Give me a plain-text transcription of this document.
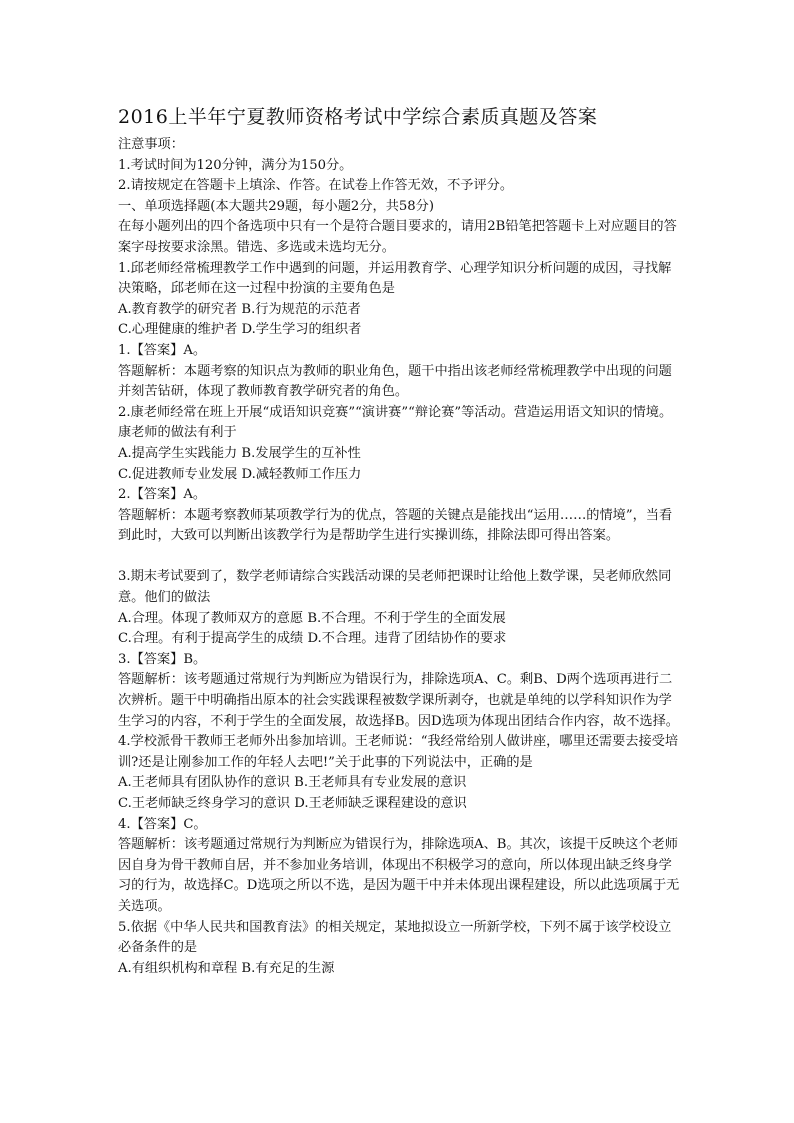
2016上半年宁夏教师资格考试中学综合素质真题及答案

注意事项：

1.考试时间为120分钟，满分为150分。

2.请按规定在答题卡上填涂、作答。在试卷上作答无效，不予评分。

一、单项选择题(本大题共29题，每小题2分，共58分)

在每小题列出的四个备选项中只有一个是符合题目要求的，请用2B铅笔把答题卡上对应题目的答案字母按要求涂黑。错选、多选或未选均无分。

1.邱老师经常梳理教学工作中遇到的问题，并运用教育学、心理学知识分析问题的成因，寻找解决策略，邱老师在这一过程中扮演的主要角色是

A.教育教学的研究者 B.行为规范的示范者

C.心理健康的维护者 D.学生学习的组织者

1.【答案】A。

答题解析：本题考察的知识点为教师的职业角色，题干中指出该老师经常梳理教学中出现的问题并刻苦钻研，体现了教师教育教学研究者的角色。

2.康老师经常在班上开展“成语知识竞赛”“演讲赛”“辩论赛”等活动。营造运用语文知识的情境。康老师的做法有利于

A.提高学生实践能力 B.发展学生的互补性

C.促进教师专业发展 D.减轻教师工作压力

2.【答案】A。

答题解析：本题考察教师某项教学行为的优点，答题的关键点是能找出“运用……的情境”，当看到此时，大致可以判断出该教学行为是帮助学生进行实操训练，排除法即可得出答案。

3.期末考试要到了，数学老师请综合实践活动课的吴老师把课时让给他上数学课，吴老师欣然同意。他们的做法

A.合理。体现了教师双方的意愿 B.不合理。不利于学生的全面发展

C.合理。有利于提高学生的成绩 D.不合理。违背了团结协作的要求

3.【答案】B。

答题解析：该考题通过常规行为判断应为错误行为，排除选项A、C。剩B、D两个选项再进行二次辨析。题干中明确指出原本的社会实践课程被数学课所剥夺，也就是单纯的以学科知识作为学生学习的内容，不利于学生的全面发展，故选择B。因D选项为体现出团结合作内容，故不选择。

4.学校派骨干教师王老师外出参加培训。王老师说：“我经常给别人做讲座，哪里还需要去接受培训?还是让刚参加工作的年轻人去吧!”关于此事的下列说法中，正确的是

A.王老师具有团队协作的意识 B.王老师具有专业发展的意识

C.王老师缺乏终身学习的意识 D.王老师缺乏课程建设的意识

4.【答案】C。

答题解析：该考题通过常规行为判断应为错误行为，排除选项A、B。其次，该提干反映这个老师因自身为骨干教师自居，并不参加业务培训，体现出不积极学习的意向，所以体现出缺乏终身学习的行为，故选择C。D选项之所以不选，是因为题干中并未体现出课程建设，所以此选项属于无关选项。

5.依据《中华人民共和国教育法》的相关规定，某地拟设立一所新学校，下列不属于该学校设立必备条件的是

A.有组织机构和章程 B.有充足的生源
